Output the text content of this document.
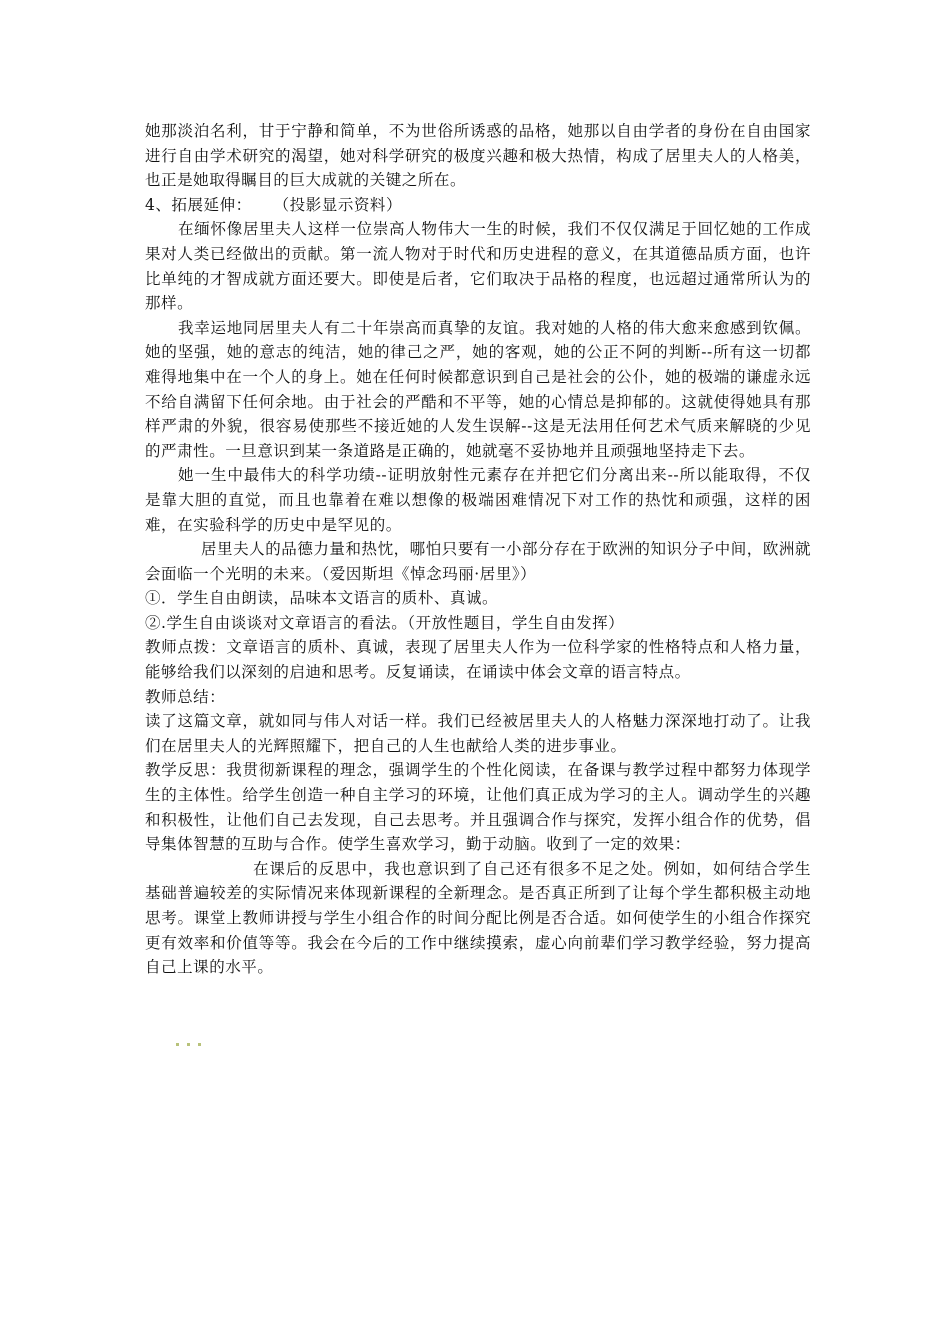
她那淡泊名利，甘于宁静和简单，不为世俗所诱惑的品格，她那以自由学者的身份在自由国家进行自由学术研究的渴望，她对科学研究的极度兴趣和极大热情，构成了居里夫人的人格美，也正是她取得瞩目的巨大成就的关键之所在。

4、拓展延伸：    （投影显示资料）

在缅怀像居里夫人这样一位崇高人物伟大一生的时候，我们不仅仅满足于回忆她的工作成果对人类已经做出的贡献。第一流人物对于时代和历史进程的意义，在其道德品质方面，也许比单纯的才智成就方面还要大。即使是后者，它们取决于品格的程度，也远超过通常所认为的那样。

我幸运地同居里夫人有二十年崇高而真挚的友谊。我对她的人格的伟大愈来愈感到钦佩。她的坚强，她的意志的纯洁，她的律己之严，她的客观，她的公正不阿的判断--所有这一切都难得地集中在一个人的身上。她在任何时候都意识到自己是社会的公仆，她的极端的谦虚永远不给自满留下任何余地。由于社会的严酷和不平等，她的心情总是抑郁的。这就使得她具有那样严肃的外貌，很容易使那些不接近她的人发生误解--这是无法用任何艺术气质来解晓的少见的严肃性。一旦意识到某一条道路是正确的，她就毫不妥协地并且顽强地坚持走下去。

她一生中最伟大的科学功绩--证明放射性元素存在并把它们分离出来--所以能取得，不仅是靠大胆的直觉，而且也靠着在难以想像的极端困难情况下对工作的热忱和顽强，这样的困难，在实验科学的历史中是罕见的。

居里夫人的品德力量和热忱，哪怕只要有一小部分存在于欧洲的知识分子中间，欧洲就会面临一个光明的未来。（爱因斯坦《悼念玛丽·居里》）

①．学生自由朗读，品味本文语言的质朴、真诚。

②.学生自由谈谈对文章语言的看法。（开放性题目，学生自由发挥）

教师点拨：文章语言的质朴、真诚，表现了居里夫人作为一位科学家的性格特点和人格力量，能够给我们以深刻的启迪和思考。反复诵读，在诵读中体会文章的语言特点。

教师总结：

读了这篇文章，就如同与伟人对话一样。我们已经被居里夫人的人格魅力深深地打动了。让我们在居里夫人的光辉照耀下，把自己的人生也献给人类的进步事业。

教学反思：我贯彻新课程的理念，强调学生的个性化阅读，在备课与教学过程中都努力体现学生的主体性。给学生创造一种自主学习的环境，让他们真正成为学习的主人。调动学生的兴趣和积极性，让他们自己去发现，自己去思考。并且强调合作与探究，发挥小组合作的优势，倡导集体智慧的互助与合作。使学生喜欢学习，勤于动脑。收到了一定的效果：

在课后的反思中，我也意识到了自己还有很多不足之处。例如，如何结合学生基础普遍较差的实际情况来体现新课程的全新理念。是否真正所到了让每个学生都积极主动地思考。课堂上教师讲授与学生小组合作的时间分配比例是否合适。如何使学生的小组合作探究更有效率和价值等等。我会在今后的工作中继续摸索，虚心向前辈们学习教学经验，努力提高自己上课的水平。
